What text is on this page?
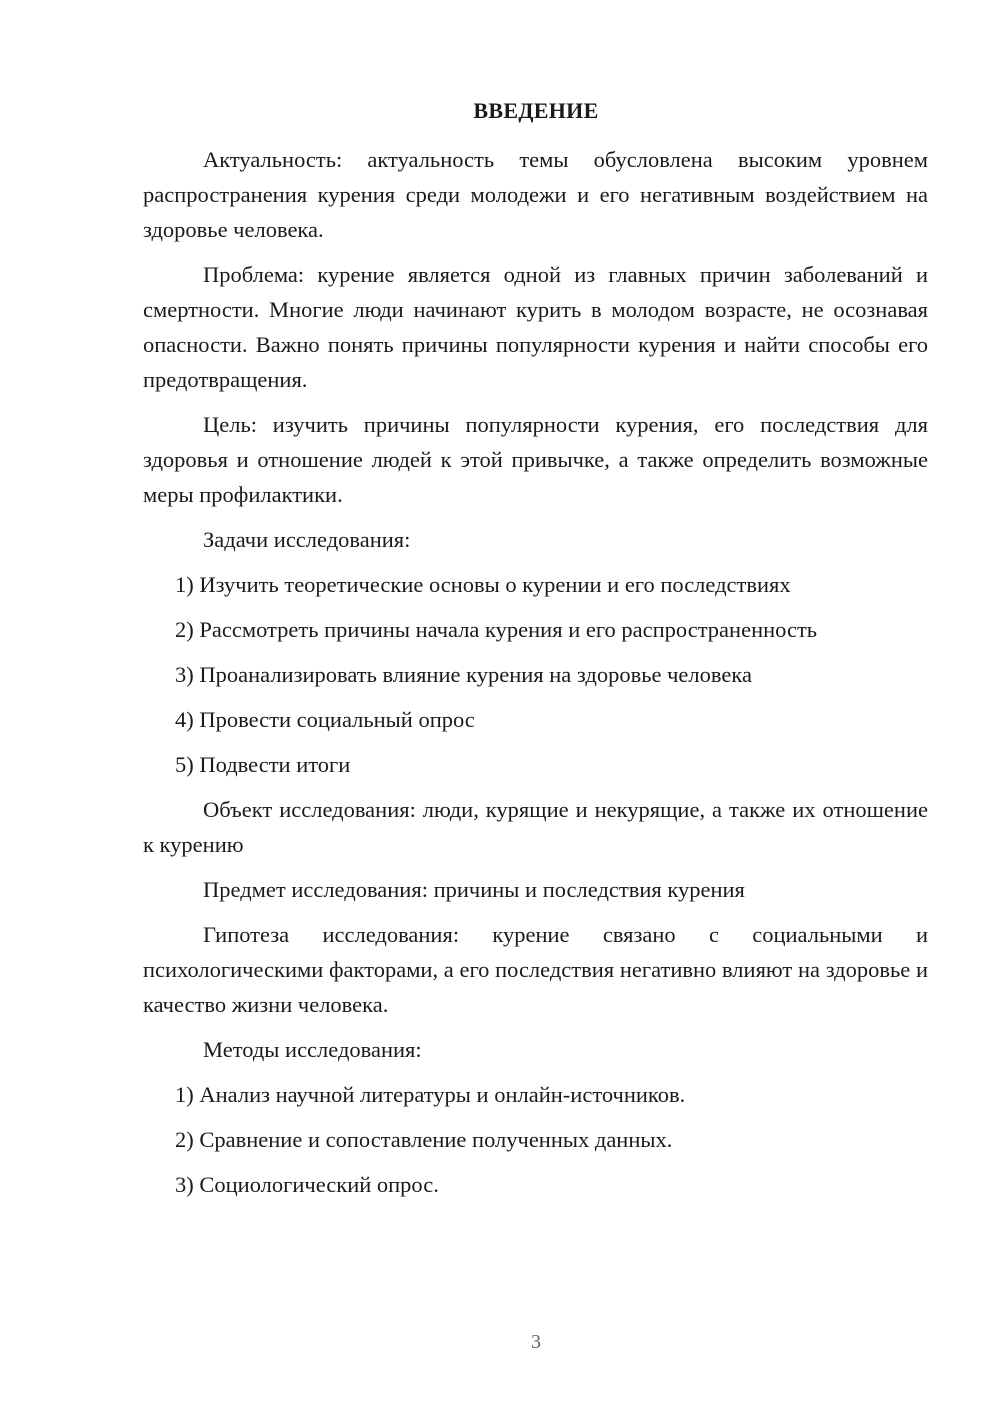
ВВЕДЕНИЕ

Актуальность: актуальность темы обусловлена высоким уровнем распространения курения среди молодежи и его негативным воздействием на здоровье человека.

Проблема: курение является одной из главных причин заболеваний и смертности. Многие люди начинают курить в молодом возрасте, не осознавая опасности. Важно понять причины популярности курения и найти способы его предотвращения.

Цель: изучить причины популярности курения, его последствия для здоровья и отношение людей к этой привычке, а также определить возможные меры профилактики.

Задачи исследования:

1) Изучить теоретические основы о курении и его последствиях
2) Рассмотреть причины начала курения и его распространенность
3) Проанализировать влияние курения на здоровье человека
4) Провести социальный опрос
5) Подвести итоги

Объект исследования: люди, курящие и некурящие, а также их отношение к курению

Предмет исследования: причины и последствия курения

Гипотеза исследования: курение связано с социальными и психологическими факторами, а его последствия негативно влияют на здоровье и качество жизни человека.

Методы исследования:

1) Анализ научной литературы и онлайн-источников.
2) Сравнение и сопоставление полученных данных.
3) Социологический опрос.
3
